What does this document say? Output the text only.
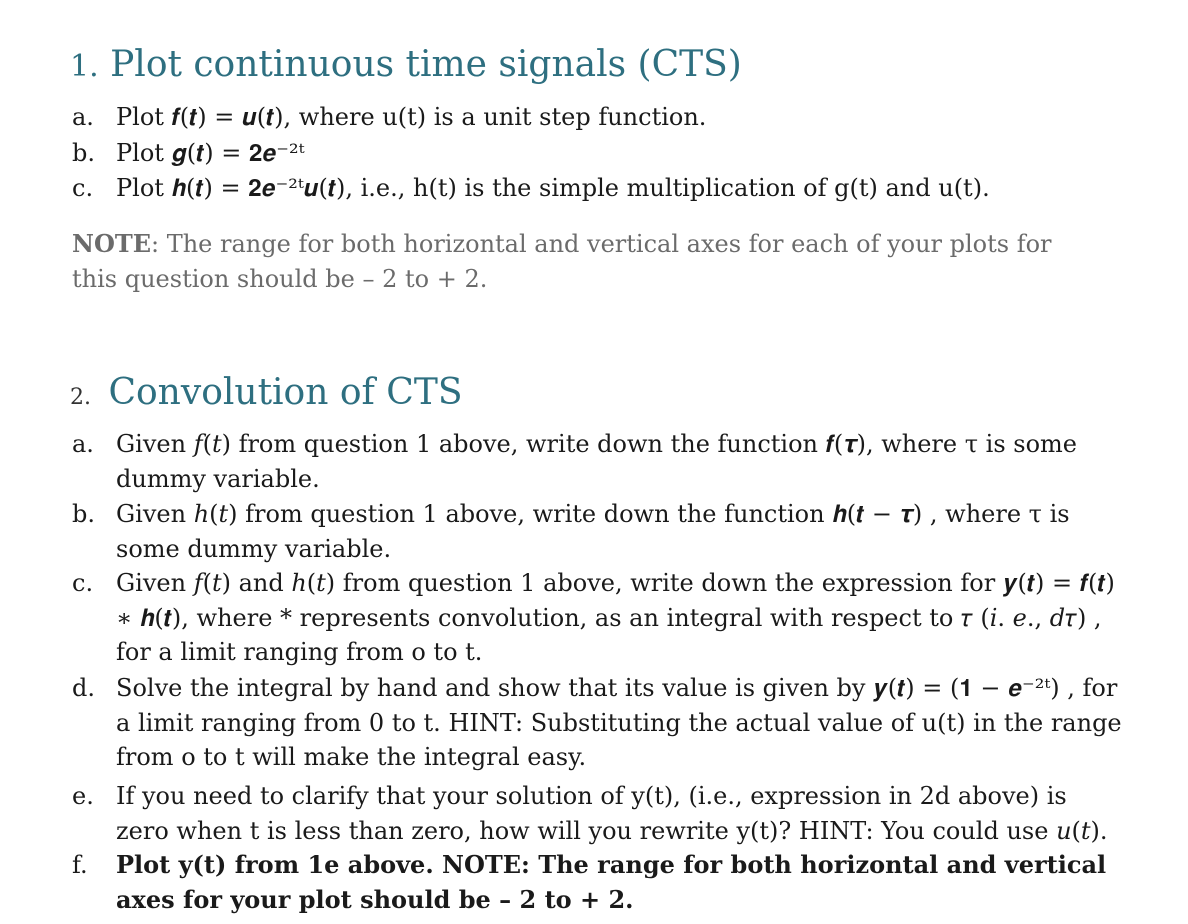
1. Plot continuous time signals (CTS)
a. Plot 𝒇(𝒕) = 𝒖(𝒕), where u(t) is a unit step function.
b. Plot 𝒈(𝒕) = 𝟐𝒆⁻²ᵗ
c. Plot 𝒉(𝒕) = 𝟐𝒆⁻²ᵗ𝒖(𝒕), i.e., h(t) is the simple multiplication of g(t) and u(t).
NOTE: The range for both horizontal and vertical axes for each of your plots for this question should be – 2 to + 2.
2. Convolution of CTS
a. Given 𝑓(𝑡) from question 1 above, write down the function 𝒇(𝝉), where τ is some dummy variable.
b. Given ℎ(𝑡) from question 1 above, write down the function 𝒉(𝒕 − 𝝉) , where τ is some dummy variable.
c. Given 𝑓(𝑡) and ℎ(𝑡) from question 1 above, write down the expression for 𝒚(𝒕) = 𝒇(𝒕) ∗ 𝒉(𝒕), where * represents convolution, as an integral with respect to 𝜏 (𝑖. 𝑒., 𝑑𝜏) , for a limit ranging from o to t.
d. Solve the integral by hand and show that its value is given by 𝒚(𝒕) = (𝟏 − 𝒆⁻²ᵗ) , for a limit ranging from 0 to t. HINT: Substituting the actual value of u(t) in the range from o to t will make the integral easy.
e. If you need to clarify that your solution of y(t), (i.e., expression in 2d above) is zero when t is less than zero, how will you rewrite y(t)? HINT: You could use 𝑢(𝑡).
f.	Plot y(t) from 1e above. NOTE: The range for both horizontal and vertical axes for your plot should be – 2 to + 2.
